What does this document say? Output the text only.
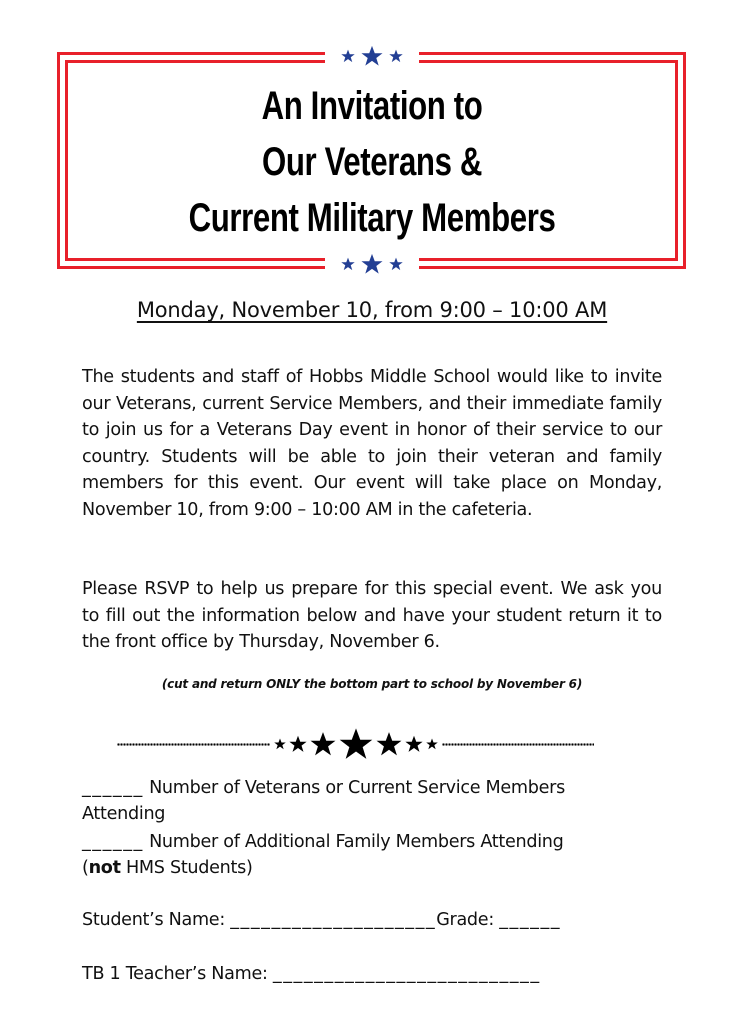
An Invitation to
Our Veterans &
Current Military Members
Monday, November 10, from 9:00 – 10:00 AM

The students and staff of Hobbs Middle School would like to invite our Veterans, current Service Members, and their immediate family to join us for a Veterans Day event in honor of their service to our country. Students will be able to join their veteran and family members for this event. Our event will take place on Monday, November 10, from 9:00 – 10:00 AM in the cafeteria.

Please RSVP to help us prepare for this special event. We ask you to fill out the information below and have your student return it to the front office by Thursday, November 6.

(cut and return ONLY the bottom part to school by November 6)
______ Number of Veterans or Current Service Members
Attending
______ Number of Additional Family Members Attending
(not HMS Students)
Student’s Name: ____________________Grade: ______
TB 1 Teacher’s Name: __________________________
